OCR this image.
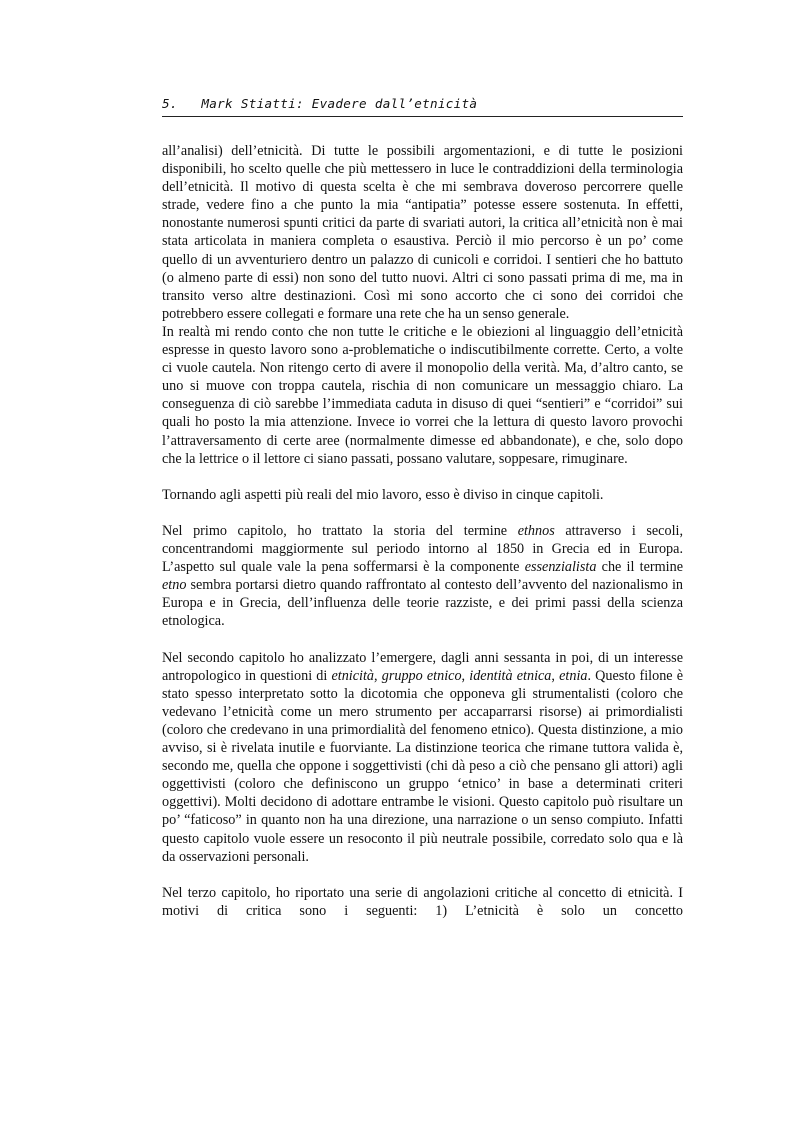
5.   Mark Stiatti: Evadere dall’etnicità

all’analisi) dell’etnicità. Di tutte le possibili argomentazioni, e di tutte le posizioni disponibili, ho scelto quelle che più mettessero in luce le contraddizioni della terminologia dell’etnicità. Il motivo di questa scelta è che mi sembrava doveroso percorrere quelle strade, vedere fino a che punto la mia “antipatia” potesse essere sostenuta. In effetti, nonostante numerosi spunti critici da parte di svariati autori, la critica all’etnicità non è mai stata articolata in maniera completa o esaustiva. Perciò il mio percorso è un po’ come quello di un avventuriero dentro un palazzo di cunicoli e corridoi. I sentieri che ho battuto (o almeno parte di essi) non sono del tutto nuovi. Altri ci sono passati prima di me, ma in transito verso altre destinazioni. Così mi sono accorto che ci sono dei corridoi che potrebbero essere collegati e formare una rete che ha un senso generale.

In realtà mi rendo conto che non tutte le critiche e le obiezioni al linguaggio dell’etnicità espresse in questo lavoro sono a-problematiche o indiscutibilmente corrette. Certo, a volte ci vuole cautela. Non ritengo certo di avere il monopolio della verità. Ma, d’altro canto, se uno si muove con troppa cautela, rischia di non comunicare un messaggio chiaro. La conseguenza di ciò sarebbe l’immediata caduta in disuso di quei “sentieri” e “corridoi” sui quali ho posto la mia attenzione. Invece io vorrei che la lettura di questo lavoro provochi l’attraversamento di certe aree (normalmente dimesse ed abbandonate), e che, solo dopo che la lettrice o il lettore ci siano passati, possano valutare, soppesare, rimuginare.

Tornando agli aspetti più reali del mio lavoro, esso è diviso in cinque capitoli.

Nel primo capitolo, ho trattato la storia del termine ethnos attraverso i secoli, concentrandomi maggiormente sul periodo intorno al 1850 in Grecia ed in Europa. L’aspetto sul quale vale la pena soffermarsi è la componente essenzialista che il termine etno sembra portarsi dietro quando raffrontato al contesto dell’avvento del nazionalismo in Europa e in Grecia, dell’influenza delle teorie razziste, e dei primi passi della scienza etnologica.

Nel secondo capitolo ho analizzato l’emergere, dagli anni sessanta in poi, di un interesse antropologico in questioni di etnicità, gruppo etnico, identità etnica, etnia. Questo filone è stato spesso interpretato sotto la dicotomia che opponeva gli strumentalisti (coloro che vedevano l’etnicità come un mero strumento per accaparrarsi risorse) ai primordialisti (coloro che credevano in una primordialità del fenomeno etnico). Questa distinzione, a mio avviso, si è rivelata inutile e fuorviante. La distinzione teorica che rimane tuttora valida è, secondo me, quella che oppone i soggettivisti (chi dà peso a ciò che pensano gli attori) agli oggettivisti (coloro che definiscono un gruppo ‘etnico’ in base a determinati criteri oggettivi). Molti decidono di adottare entrambe le visioni. Questo capitolo può risultare un po’ “faticoso” in quanto non ha una direzione, una narrazione o un senso compiuto. Infatti questo capitolo vuole essere un resoconto il più neutrale possibile, corredato solo qua e là da osservazioni personali.

Nel terzo capitolo, ho riportato una serie di angolazioni critiche al concetto di etnicità. I motivi di critica sono i seguenti: 1) L’etnicità è solo un concetto
